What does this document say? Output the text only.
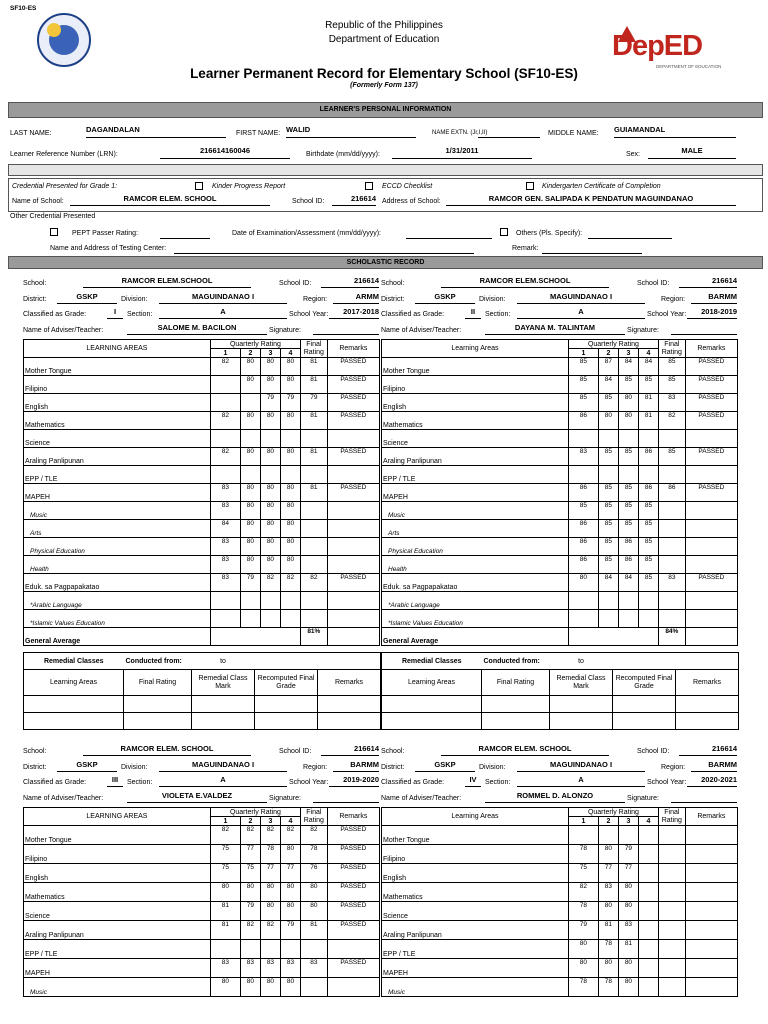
SF10-ES
Republic of the Philippines
Department of Education
Learner Permanent Record for Elementary School (SF10-ES)
(Formerly Form 137)
DepED
DEPARTMENT OF EDUCATION
LEARNER'S PERSONAL INFORMATION
LAST NAME:	DAGANDALAN	FIRST NAME: WALID	NAME EXTN. (Jr,I,II)	MIDDLE NAME: GUIAMANDAL
Learner Reference Number (LRN):	216614160046	Birthdate (mm/dd/yyyy):	1/31/2011	Sex:	MALE
Credential Presented for Grade 1:	Kinder Progress Report	ECCD Checklist	Kindergarten Certificate of Completion
Name of School:	RAMCOR ELEM. SCHOOL	School ID:	216614 Address of School:	RAMCOR GEN. SALIPADA K PENDATUN MAGUINDANAO
Other Credential Presented
PEPT Passer Rating:	Date of Examination/Assessment (mm/dd/yyyy):	Others (Pls. Specify):
Name and Address of Testing Center:	Remark:
SCHOLASTIC RECORD
School:	RAMCOR ELEM.SCHOOL	School ID:	216614
District:	GSKP	Division:	MAGUINDANAO I	Region:	ARMM
Classified as Grade:	I	Section:	A	School Year:	2017-2018
Name of Adviser/Teacher:	SALOME M. BACILON	Signature:
LEARNING AREAS	Quarterly Rating				Final Rating	Remarks
	1	2	3	4		
Mother Tongue	82	80	80	80	81	PASSED
Filipino		80	80	80	81	PASSED
English			79	79	79	PASSED
Mathematics	82	80	80	80	81	PASSED
Science						
Araling Panlipunan	82	80	80	80	81	PASSED
EPP / TLE						
MAPEH	83	80	80	80	81	PASSED
Music	83	80	80	80		
Arts	84	80	80	80		
Physical Education	83	80	80	80		
Health	83	80	80	80		
Eduk. sa Pagpapakatao	83	79	82	82	82	PASSED
*Arabic Language						
*Islamic Values Education						
General Average					81%	
Remedial Classes	Conducted from:	to		
Learning Areas	Final Rating	Remedial Class Mark	Recomputed Final Grade	Remarks

School:	RAMCOR ELEM.SCHOOL	School ID:	216614
District:	GSKP	Division:	MAGUINDANAO I	Region:	BARMM
Classified as Grade:	II	Section:	A	School Year:	2018-2019
Name of Adviser/Teacher:	DAYANA M. TALINTAM	Signature:
Learning Areas	Quarterly Rating				Final Rating	Remarks
	1	2	3	4		
Mother Tongue	85	87	84	84	85	PASSED
Filipino	85	84	85	85	85	PASSED
English	85	85	80	81	83	PASSED
Mathematics	86	80	80	81	82	PASSED
Science						
Araling Panlipunan	83	85	85	86	85	PASSED
EPP / TLE						
MAPEH	86	85	85	86	86	PASSED
Music	85	85	85	85		
Arts	86	85	85	85		
Physical Education	86	85	86	85		
Health	86	85	86	85		
Eduk. sa Pagpapakatao	80	84	84	85	83	PASSED
*Arabic Language						
*Islamic Values Education						
General Average					84%	
Remedial Classes	Conducted from:	to		
Learning Areas	Final Rating	Remedial Class Mark	Recomputed Final Grade	Remarks

School:	RAMCOR ELEM. SCHOOL	School ID:	216614
District:	GSKP	Division:	MAGUINDANAO I	Region:	BARMM
Classified as Grade:	III	Section:	A	School Year:	2019-2020
Name of Adviser/Teacher:	VIOLETA E.VALDEZ	Signature:
LEARNING AREAS	Quarterly Rating				Final Rating	Remarks
	1	2	3	4		
Mother Tongue	82	82	82	82	82	PASSED
Filipino	75	77	78	80	78	PASSED
English	75	75	77	77	76	PASSED
Mathematics	80	80	80	80	80	PASSED
Science	81	79	80	80	80	PASSED
Araling Panlipunan	81	82	82	79	81	PASSED
EPP / TLE						
MAPEH	83	83	83	83	83	PASSED
Music	80	80	80	80		
School:	RAMCOR ELEM. SCHOOL	School ID:	216614
District:	GSKP	Division:	MAGUINDANAO I	Region:	BARMM
Classified as Grade:	IV	Section:	A	School Year:	2020-2021
Name of Adviser/Teacher:	ROMMEL D. ALONZO	Signature:
Learning Areas	Quarterly Rating				Final Rating	Remarks
	1	2	3	4		
Mother Tongue						
Filipino	78	80	79			
English	75	77	77			
Mathematics	82	83	80			
Science	78	80	80			
Araling Panlipunan	79	81	83			
EPP / TLE	80	78	81			
MAPEH	80	80	80			
Music	78	78	80			
